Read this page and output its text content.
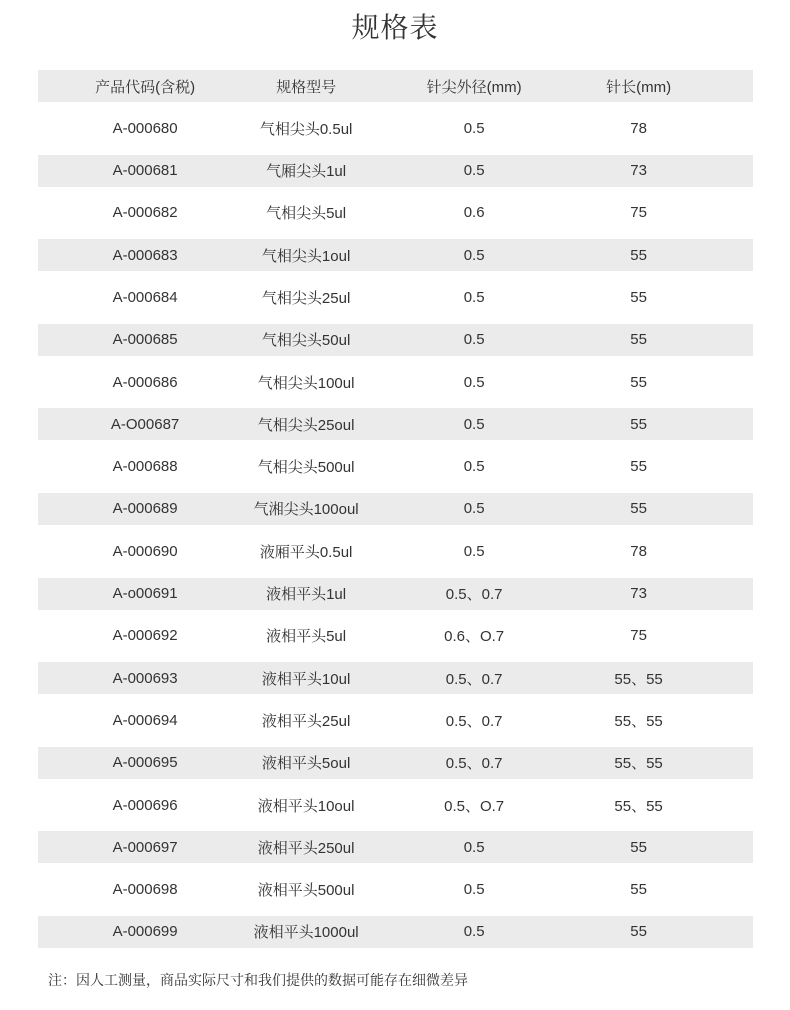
规格表
产品代码(含税)	规格型号	针尖外径(mm)	针长(mm)
A-000680	气相尖头0.5ul	0.5	78
A-000681	气厢尖头1ul	0.5	73
A-000682	气相尖头5ul	0.6	75
A-000683	气相尖头1oul	0.5	55
A-000684	气相尖头25ul	0.5	55
A-000685	气相尖头50ul	0.5	55
A-000686	气相尖头100ul	0.5	55
A-O00687	气相尖头25oul	0.5	55
A-000688	气相尖头500ul	0.5	55
A-000689	气湘尖头100oul	0.5	55
A-000690	液厢平头0.5ul	0.5	78
A-o00691	液相平头1ul	0.5、0.7	73
A-000692	液相平头5ul	0.6、O.7	75
A-000693	液相平头10ul	0.5、0.7	55、55
A-000694	液相平头25ul	0.5、0.7	55、55
A-000695	液相平头5oul	0.5、0.7	55、55
A-000696	液相平头10oul	0.5、O.7	55、55
A-000697	液相平头250ul	0.5	55
A-000698	液相平头500ul	0.5	55
A-000699	液相平头1000ul	0.5	55

注：因人工测量，商品实际尺寸和我们提供的数据可能存在细微差异
